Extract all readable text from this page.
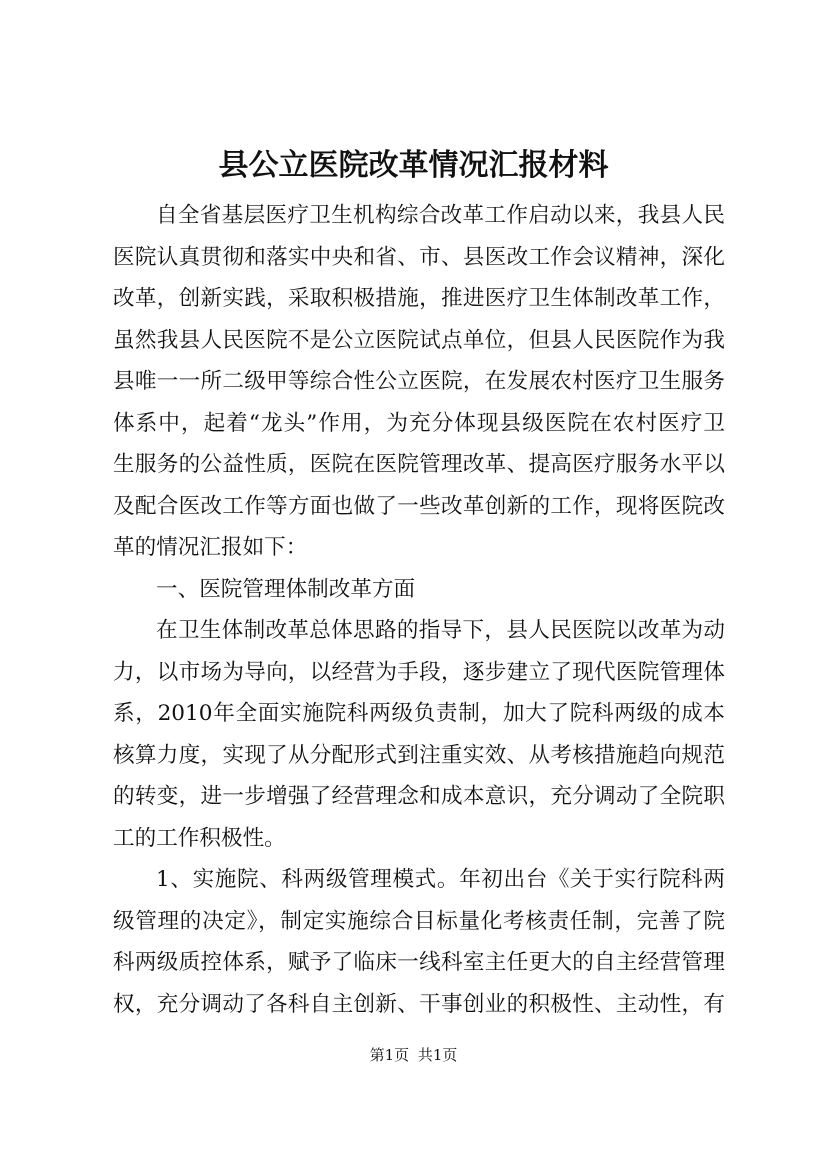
县公立医院改革情况汇报材料
自全省基层医疗卫生机构综合改革工作启动以来，我县人民
医院认真贯彻和落实中央和省、市、县医改工作会议精神，深化
改革，创新实践，采取积极措施，推进医疗卫生体制改革工作，
虽然我县人民医院不是公立医院试点单位，但县人民医院作为我
县唯一一所二级甲等综合性公立医院，在发展农村医疗卫生服务
体系中，起着“龙头”作用，为充分体现县级医院在农村医疗卫
生服务的公益性质，医院在医院管理改革、提高医疗服务水平以
及配合医改工作等方面也做了一些改革创新的工作，现将医院改
革的情况汇报如下：
一、医院管理体制改革方面
在卫生体制改革总体思路的指导下，县人民医院以改革为动
力，以市场为导向，以经营为手段，逐步建立了现代医院管理体
系，2010年全面实施院科两级负责制，加大了院科两级的成本
核算力度，实现了从分配形式到注重实效、从考核措施趋向规范
的转变，进一步增强了经营理念和成本意识，充分调动了全院职
工的工作积极性。
1、实施院、科两级管理模式。年初出台《关于实行院科两
级管理的决定》，制定实施综合目标量化考核责任制，完善了院
科两级质控体系，赋予了临床一线科室主任更大的自主经营管理
权，充分调动了各科自主创新、干事创业的积极性、主动性，有
第1页 共1页
